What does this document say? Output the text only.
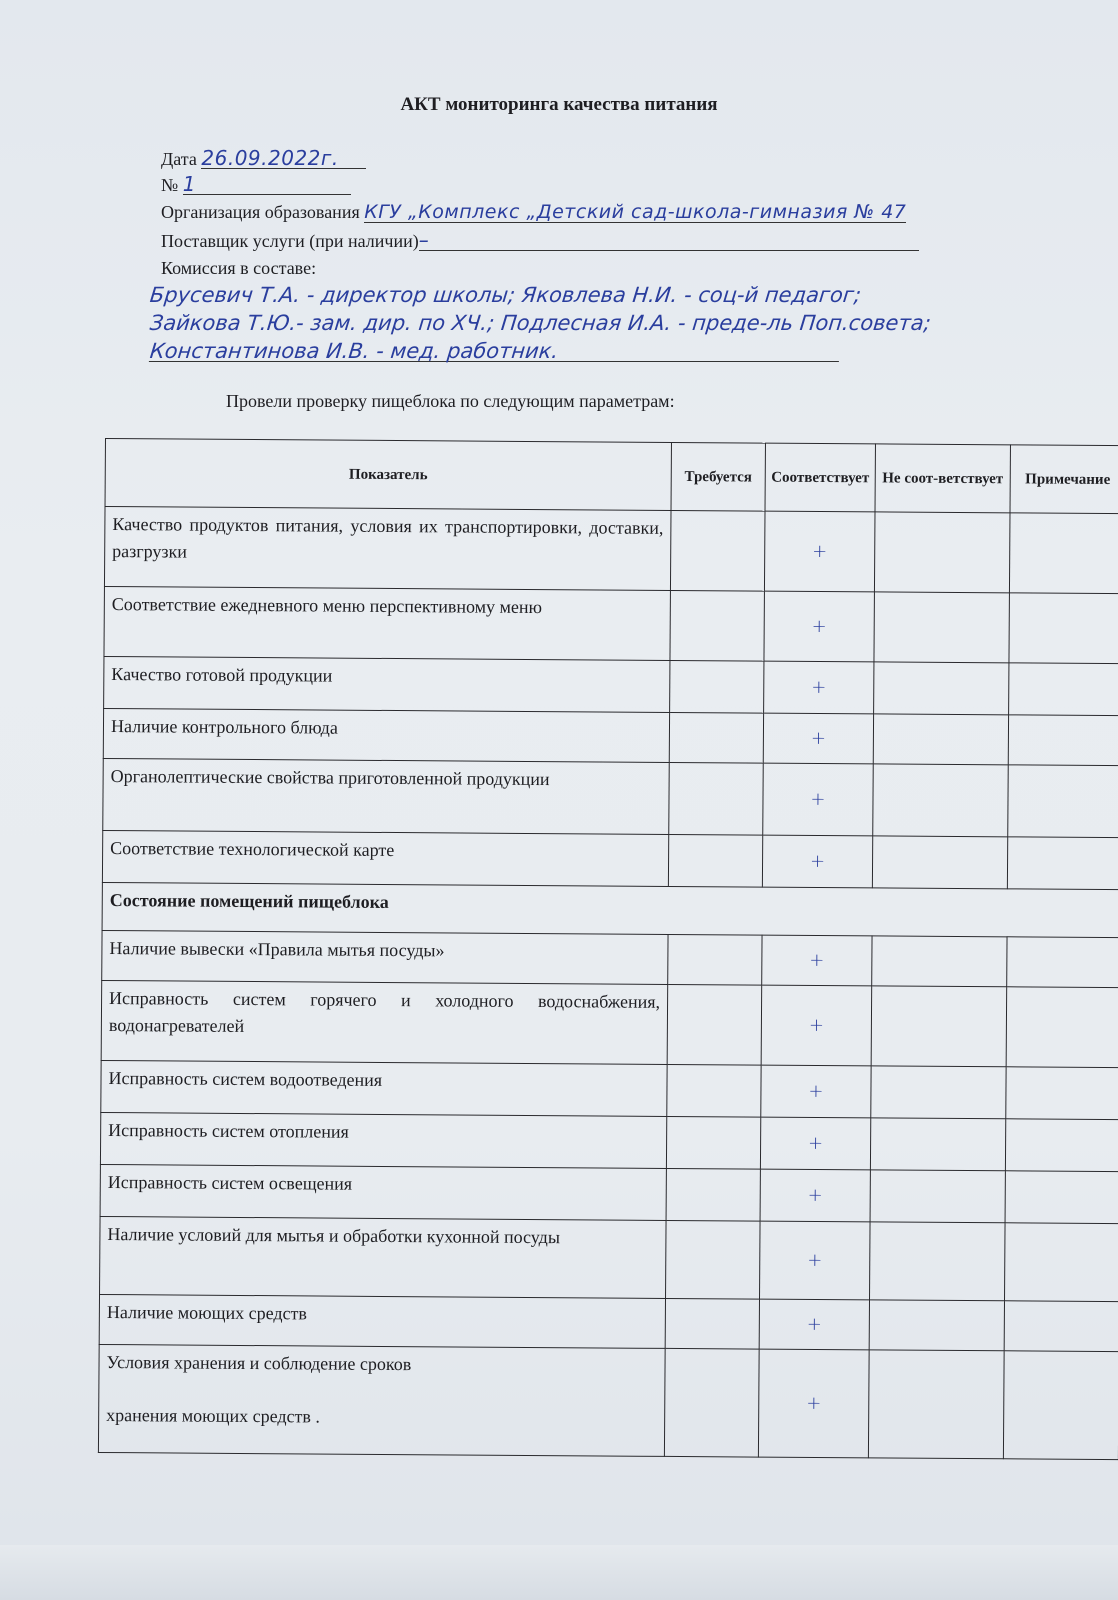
АКТ мониторинга качества питания
Дата 26.09.2022г.
№ 1
Организация образования КГУ „Комплекс „Детский сад-школа-гимназия № 47
Поставщик услуги (при наличии)–
Комиссия в составе:
Брусевич Т.А. - директор школы; Яковлева Н.И. - соц-й педагог;
Зайкова Т.Ю.- зам. дир. по ХЧ.; Подлесная И.А. - преде-ль Поп.совета;
Константинова И.В. - мед. работник.
Провели проверку пищеблока по следующим параметрам:
Показатель	Требуется	Соответствует	Не соот-ветствует	Примечание
Качество продуктов питания, условия их транспортировки, доставки, разгрузки		+		
Соответствие ежедневного меню перспективному меню		+		
Качество готовой продукции		+		
Наличие контрольного блюда		+		
Органолептические свойства приготовленной продукции		+		
Соответствие технологической карте		+		
Состояние помещений пищеблока				
Наличие вывески «Правила мытья посуды»		+		
Исправность систем горячего и холодного водоснабжения, водонагревателей		+		
Исправность систем водоотведения		+		
Исправность систем отопления		+		
Исправность систем освещения		+		
Наличие условий для мытья и обработки кухонной посуды		+		
Наличие моющих средств		+		
Условия хранения и соблюдение сроков
хранения моющих средств .		+		
